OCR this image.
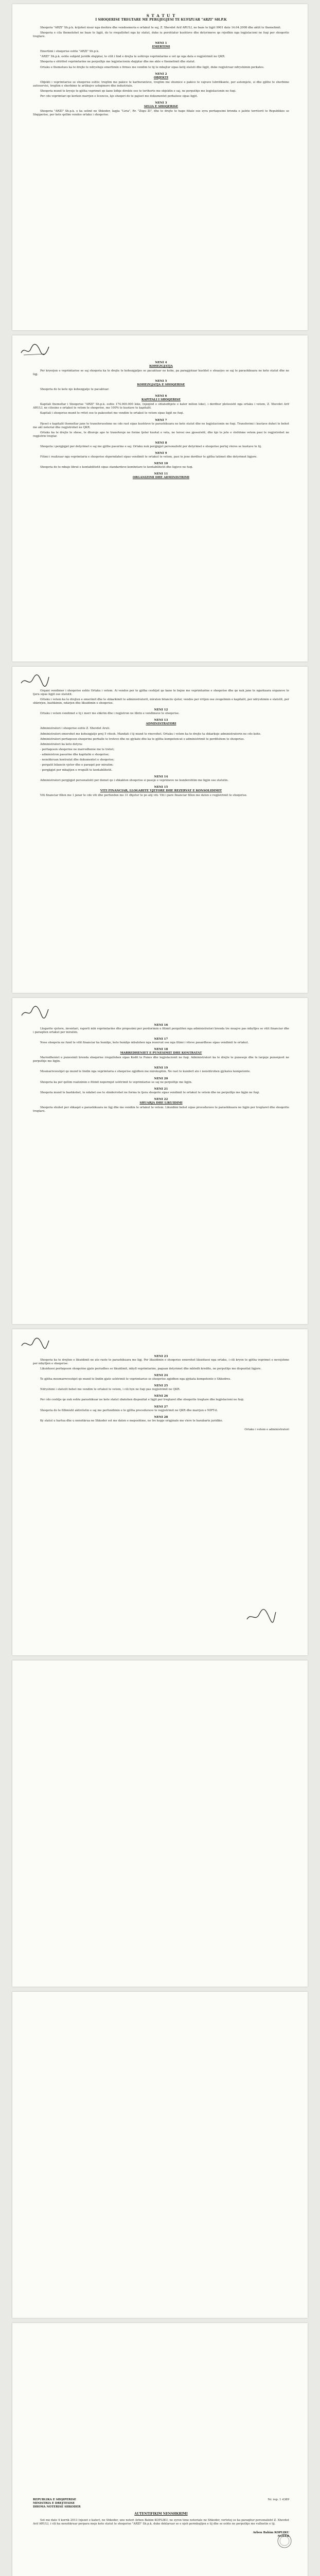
S T A T U T
I SHOQERISE TREGTARE ME PERGJEGJESI TE KUFIZUAR "ARZI" SH.P.K

Shoqeria "ARZI" Sh.p.k. krijohet nisur nga deshira dhe vendosmeria e ortakut te saj, Z. Xhevdet Arif ARULI, ne baze te ligjit 9901 date 14.04.2008 dhe aktit te themelimit.

Shoqeria e cila themelohet ne baze te ligjit, do te rregullohet nga ky statut, duke iu pershtatur kushteve dhe detyrimeve qe rrjedhin nga legjislacioni ne fuqi per shoqerite tregtare.

NENI 1
EMERTIMI

Emertimi i shoqerise eshte "ARZI" Sh.p.k.

"ARZI" Sh.p.k. eshte subjekt juridik shqiptar, te cilit i lind e drejta te ushtroje veprimtarine e vet qe nga data e regjistrimit ne QKR.

Shoqeria e shtrihet veprimtarine ne perputhje me legjislacionin shqiptar dhe me akte e themelimit dhe statut.

Ortaku e themelues ka te drejte te ndryshoje emertimin e firmes me vendim te tij te mbajtur sipas ketij statuti dhe ligjit, duke regjistruar ndryshimin perkates.

NENI 2
OBJEKTI

Objekti i veprimtarise se shoqerise eshte: tregtim me pakice te karburanteve, tregtim me shumice e pakice te vajrave lubrifikante, per automjete, si dhe gjithe te sherbime autoservisi, tregtim e sherbime te artikujve ushqimore dhe industriale.

Shoqeria mund te kryeje te gjitha veprimet qe kane lidhje direkte ose te terthorte me objektin e saj, ne perputhje me legjislacionin ne fuqi.

Per cdo veprimtari qe kerkon marrjen e licences, kjo shoqeri do te pajiset me dokumentet perkatese sipas ligjit.

NENI 3
SELIA E SHOQERISE

Shoqeria "ARZI" Sh.p.k. e ka selinë ne Shkoder, lagjia "Liria", Rr. "Zogu Zi", dhe te drejte te hape filiale ose zyra perfaqesimi brenda e jashte territorit te Republikes se Shqiperise, per kete qellim vendos ortaku i shoqerise.

NENI 4
KOHEZGJATJA

Per kryerjen e veprimtarise se saj shoqeria ka te drejte te kohezgjatjes se pacaktuar ne kohe, pa paragjykuar kushtet e shuarjes se saj te parashikuara ne kete statut dhe ne ligj.

NENI 5
KOHEZGJATJA E SHOQERISE

Shoqeria do te kete nje kohezgjatje te pacaktuar.

NENI 6
KAPITALI I SHOQERISE

Kapitali themeltar i Shoqerise "ARZI" Sh.p.k. eshte 174.000.000 leke, (njeqind e shtatedhjete e kater milion leke), i derdhur plotesisht nga ortaku i vetem, Z. Xhevdet Arif ARULI, ne cilesine e ortakut te vetem te shoqerise, me 100% te kuotave te kapitalit.

Kapitali i shoqerise mund te rritet ose te pakesohet me vendim te ortakut te vetem sipas ligjit ne fuqi.

NENI 7

Pjeset e kapitalit themeltar jane te transferueshme ne cdo rast sipas kushteve te parashikuara ne kete statut dhe ne legjislacionin ne fuqi. Transferimi i kuotave duhet te behet me akt noterial dhe regjistrohet ne QKR.

Ortaku ka te drejte te shese, te dhuroje apo te transferoje ne forme tjeter kuotat e veta, ne teresi ose pjeserisht, dhe kjo te jete e vlefshme vetem pasi te regjistrohet ne regjistrin tregtar.

NENI 8

Shoqeria i pergjigjet per detyrimet e saj me gjithe pasurine e saj. Ortaku nuk pergjigjet personalisht per detyrimet e shoqerise pertej vleres se kuotave te tij.

NENI 9

Fitimi i realizuar nga veprimtaria e shoqerise shperndahet sipas vendimit te ortakut te vetem, pasi te jene derdhur te gjitha tatimet dhe detyrimet ligjore.

NENI 10

Shoqeria do te mbaje librat e kontabilitetit sipas standardeve kombetare te kontabilitetit dhe ligjeve ne fuqi.

NENI 11
ORGANIZIMI DHE ADMINISTRIMI

Organi vendimor i shoqerise eshte Ortaku i vetem. Ai vendos per te gjitha ceshtjet qe kane te bejne me veprimtarine e shoqerise dhe qe nuk jane te ngarkuara organeve te tjera sipas ligjit ose statutit.

Ortaku i vetem ka te drejten e emerimit dhe te shkarkimit te administratorit, miraton bilancin vjetor, vendos per rritjen ose zvogelimin e kapitalit, per ndryshimin e statutit, per shkrirjen, bashkimin, ndarjen dhe likuidimin e shoqerise.

NENI 12

Ortaku i vetem vendimet e tij i merr me shkrim dhe i regjistron ne librin e vendimeve te shoqerise.

NENI 13
ADMINISTRATORI

Administratori i shoqerise eshte Z. Xhevdet Aruli.

Administratori emerohet me kohezgjatje prej 5 vitesh. Mandati i tij mund te rinovohet. Ortaku i vetem ka te drejte ta shkarkoje administratorin ne cdo kohe.

Administratori perfaqeson shoqerine perballe te treteve dhe ne gjykate dhe ka te gjitha kompetencat e administrimit te perditshem te shoqerise.

Administratori ka keto detyra:

- perfaqeson shoqerine ne marredhenie me te tretet;

- administron pasurine dhe kapitalin e shoqerise;

- nenshkruan kontratat dhe dokumentet e shoqerise;

- pergatit bilancin vjetor dhe e paraqet per miratim;

- pergjigjet per mbajtjen e rregullt te kontabilitetit.

NENI 14

Administratori pergjigjet personalisht per demet qe i shkakton shoqerise si pasoje e veprimeve ne kundershtim me ligjin ose statutin.

NENI 15
VITI FINANCIAR, LLOGARITE VJETORE DHE REZERVAT E KONSOLIDIMIT

Viti financiar fillon me 1 janar te cdo viti dhe perfundon me 31 dhjetor te po atij viti. Viti i pare financiar fillon me daten e regjistrimit te shoqerise.

NENI 16

Llogarite vjetore, inventari, raporti mbi veprimtarine dhe propozimi per perdorimin e fitimit pergatiten nga administratori brenda tre muajve pas mbylljes se vitit financiar dhe i paraqiten ortakut per miratim.

NENI 17

Nese shoqeria ne fund te vitit financiar ka humbje, keto humbje mbulohen nga rezervat ose nga fitimi i viteve pasardhese sipas vendimit te ortakut.

NENI 18
MARREDHENIET E PUNESIMIT DHE KONTRATAT

Marredheniet e punesimit brenda shoqerise rregullohen sipas Kodit te Punes dhe legjislacionit ne fuqi. Administratori ka te drejte te punesoje dhe te largoje punonjesit ne perputhje me ligjin.

NENI 19

Mosmarreveshjet qe mund te lindin nga veprimtaria e shoqerise zgjidhen me mirekuptim. Ne rast te kundert ato i nenshtrohen gjykates kompetente.

NENI 20

Shoqeria ka per qellim realizimin e fitimit nepermjet ushtrimit te veprimtarise se saj ne perputhje me ligjin.

NENI 21

Shoqeria mund te bashkohet, te ndahet ose te shnderrohet ne forma te tjera shoqerie sipas vendimit te ortakut te vetem dhe ne perputhje me ligjin ne fuqi.

NENI 22
SHUARJA DHE LIKUIDIMI

Shoqeria shuhet per shkaqet e parashikuara ne ligj dhe me vendim te ortakut te vetem. Likuidimi behet sipas procedurave te parashikuara ne ligjin per tregtaret dhe shoqerite tregtare.

NENI 23

Shoqeria ka te drejten e likuidimit ne ato raste te parashikuara me ligj. Per likuidimin e shoqerise emerohet likuiduesi nga ortaku, i cili kryen te gjitha veprimet e nevojshme per mbylljen e shoqerise.

Likuiduesi perfaqeson shoqerine gjate periudhes se likuidimit, mbyll veprimtarine, paguan detyrimet dhe mbledh kredite, ne perputhje me dispozitat ligjore.

NENI 24

Te gjitha mosmarreveshjet qe mund te lindin gjate ushtrimit te veprimtarise se shoqerise zgjidhen nga gjykata kompetente e Shkodres.

NENI 25

Ndryshimi i statutit behet me vendim te ortakut te vetem, i cili hyn ne fuqi pas regjistrimit ne QKR.

NENI 26

Per cdo ceshtje qe nuk eshte parashikuar ne kete statut zbatohen dispozitat e ligjit per tregtaret dhe shoqerite tregtare dhe legjislacioni ne fuqi.

NENI 27

Shoqeria do te fillimisht aktivitetin e saj me perfundimin e te gjitha procedurave te regjistrimit ne QKR dhe marrjen e NIPT-it.

NENI 28

Ky statut u hartua dhe u nenshkrua ne Shkoder sot me daten e meposhtme, ne tre kopje origjinale me vlere te barabarte juridike.

Ortaku i vetem e administratori
REPUBLIKA E SHQIPERISE
MINISTRIA E DREJTESISE
DHOMA NOTERISE SHKODER
Nr. rep. 1 4389
AUTENTIFIKIM NENSHKRIMI
Sot me date 4 korrik 2013 (njezet e kater), ne Shkoder, une noteri Arben Bahim KOPLIKU, ne zyren time noteriale ne Shkoder, vertetoj se ka paraqitur personalisht Z. Xhevdet Arif ARULI, i cili ka nenshkruar perpara meje kete statut te shoqerise "ARZI" Sh.p.k, duke deklaruar se e njeh permbajtjen e tij dhe se eshte ne perputhje me vullnetin e tij.
Arben Bahim KOPLIKU
NOTER
